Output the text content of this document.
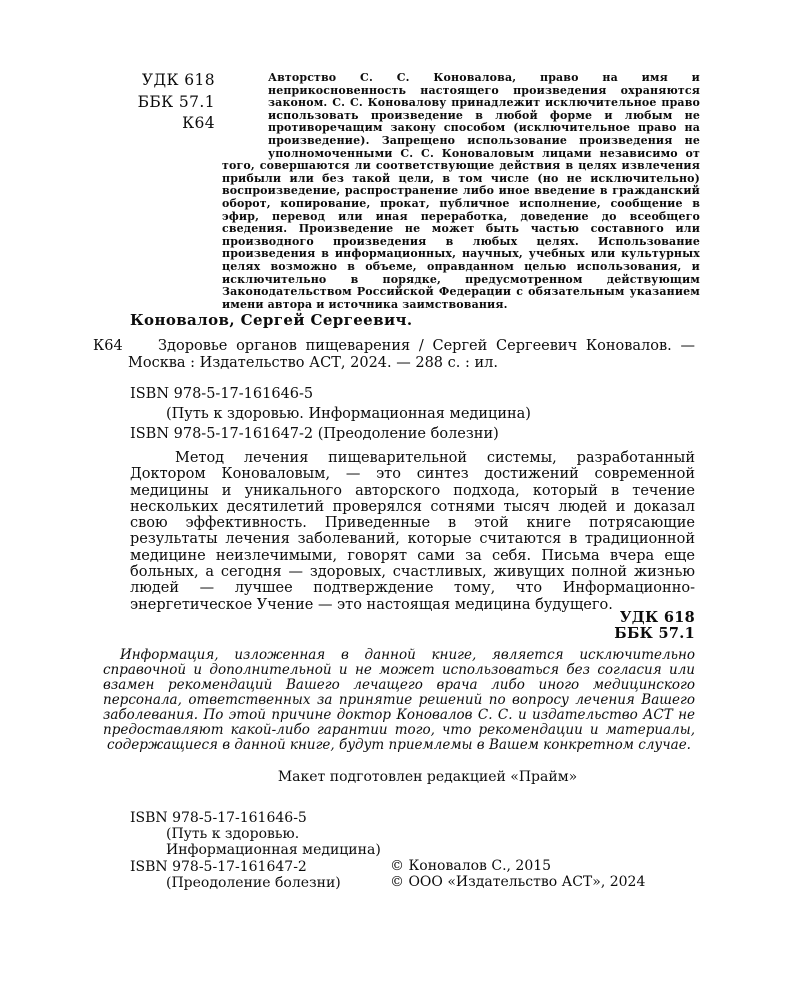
УДК 618
ББК 57.1
К64

Авторство С. С. Коновалова, право на имя и неприкосновенность настоящего произведения охраняются законом. С. С. Коновалову принадлежит исключительное право использовать произведение в любой форме и любым не противоречащим закону способом (исключительное право на произведение). Запрещено использование произведения не уполномоченными С. С. Коноваловым лицами независимо от того, совершаются ли соответствующие действия в целях извлечения прибыли или без такой цели, в том числе (но не исключительно) воспроизведение, распространение либо иное введение в гражданский оборот, копирование, прокат, публичное исполнение, сообщение в эфир, перевод или иная переработка, доведение до всеобщего сведения. Произведение не может быть частью составного или производного произведения в любых целях. Использование произведения в информационных, научных, учебных или культурных целях возможно в объеме, оправданном целью использования, и исключительно в порядке, предусмотренном действующим Законодательством Российской Федерации с обязательным указанием имени автора и источника заимствования.

Коновалов, Сергей Сергеевич.
К64	Здоровье органов пищеварения / Сергей Сергеевич Коновалов. — Москва : Издательство АСТ, 2024. — 288 с. : ил.

ISBN 978-5-17-161646-5
(Путь к здоровью. Информационная медицина)
ISBN 978-5-17-161647-2 (Преодоление болезни)

Метод лечения пищеварительной системы, разработанный Доктором Коноваловым, — это синтез достижений современной медицины и уникального авторского подхода, который в течение нескольких десятилетий проверялся сотнями тысяч людей и доказал свою эффективность. Приведенные в этой книге потрясающие результаты лечения заболеваний, которые считаются в традиционной медицине неизлечимыми, говорят сами за себя. Письма вчера еще больных, а сегодня — здоровых, счастливых, живущих полной жизнью людей — лучшее подтверждение тому, что Информационно-энергетическое Учение — это настоящая медицина будущего.

УДК 618
ББК 57.1

Информация, изложенная в данной книге, является исключительно справочной и дополнительной и не может использоваться без согласия или взамен рекомендаций Вашего лечащего врача либо иного медицинского персонала, ответственных за принятие решений по вопросу лечения Вашего заболевания. По этой причине доктор Коновалов С. С. и издательство АСТ не предоставляют какой-либо гарантии того, что рекомендации и материалы, содержащиеся в данной книге, будут приемлемы в Вашем конкретном случае.

Макет подготовлен редакцией «Прайм»

ISBN 978-5-17-161646-5
(Путь к здоровью.
Информационная медицина)
ISBN 978-5-17-161647-2
(Преодоление болезни)
© Коновалов С., 2015
© ООО «Издательство АСТ», 2024
